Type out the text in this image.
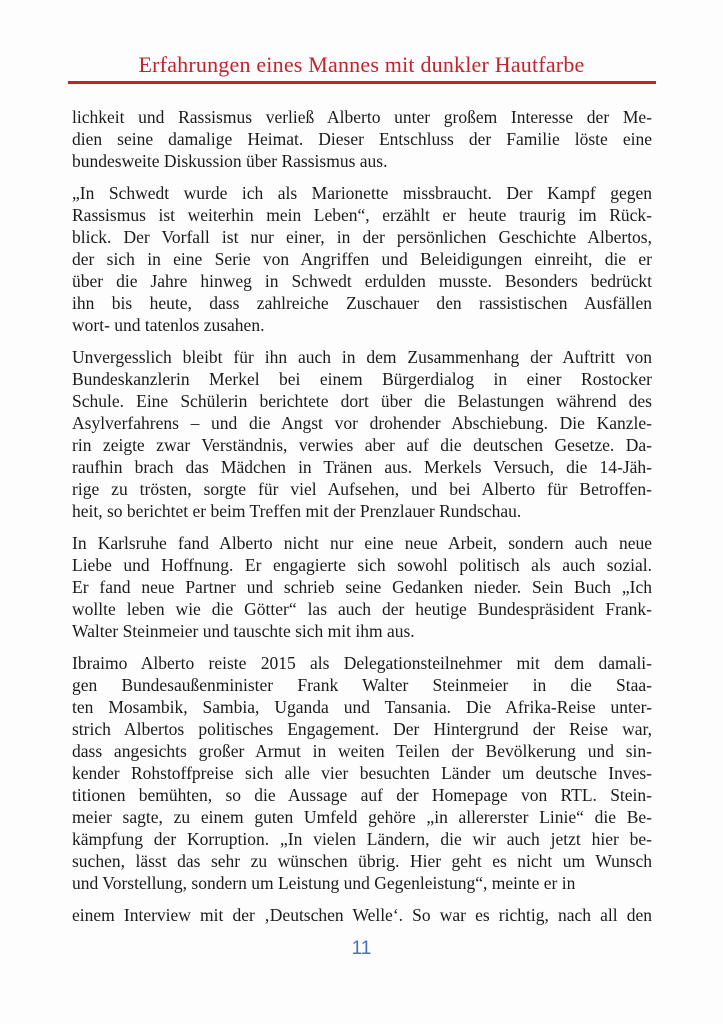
Erfahrungen eines Mannes mit dunkler Hautfarbe
lichkeit und Rassismus verließ Alberto unter großem Interesse der Me-
dien seine damalige Heimat. Dieser Entschluss der Familie löste eine
bundesweite Diskussion über Rassismus aus.
„In Schwedt wurde ich als Marionette missbraucht. Der Kampf gegen
Rassismus ist weiterhin mein Leben“, erzählt er heute traurig im Rück-
blick. Der Vorfall ist nur einer, in der persönlichen Geschichte Albertos,
der sich in eine Serie von Angriffen und Beleidigungen einreiht, die er
über die Jahre hinweg in Schwedt erdulden musste. Besonders bedrückt
ihn bis heute, dass zahlreiche Zuschauer den rassistischen Ausfällen
wort- und tatenlos zusahen.
Unvergesslich bleibt für ihn auch in dem Zusammenhang der Auftritt von
Bundeskanzlerin Merkel bei einem Bürgerdialog in einer Rostocker
Schule. Eine Schülerin berichtete dort über die Belastungen während des
Asylverfahrens – und die Angst vor drohender Abschiebung. Die Kanzle-
rin zeigte zwar Verständnis, verwies aber auf die deutschen Gesetze. Da-
raufhin brach das Mädchen in Tränen aus. Merkels Versuch, die 14-Jäh-
rige zu trösten, sorgte für viel Aufsehen, und bei Alberto für Betroffen-
heit, so berichtet er beim Treffen mit der Prenzlauer Rundschau.
In Karlsruhe fand Alberto nicht nur eine neue Arbeit, sondern auch neue
Liebe und Hoffnung. Er engagierte sich sowohl politisch als auch sozial.
Er fand neue Partner und schrieb seine Gedanken nieder. Sein Buch „Ich
wollte leben wie die Götter“ las auch der heutige Bundespräsident Frank-
Walter Steinmeier und tauschte sich mit ihm aus.
Ibraimo Alberto reiste 2015 als Delegationsteilnehmer mit dem damali-
gen Bundesaußenminister Frank Walter Steinmeier in die Staa-
ten Mosambik, Sambia, Uganda und Tansania. Die Afrika-Reise unter-
strich Albertos politisches Engagement. Der Hintergrund der Reise war,
dass angesichts großer Armut in weiten Teilen der Bevölkerung und sin-
kender Rohstoffpreise sich alle vier besuchten Länder um deutsche Inves-
titionen bemühten, so die Aussage auf der Homepage von RTL. Stein-
meier sagte, zu einem guten Umfeld gehöre „in allererster Linie“ die Be-
kämpfung der Korruption. „In vielen Ländern, die wir auch jetzt hier be-
suchen, lässt das sehr zu wünschen übrig. Hier geht es nicht um Wunsch
und Vorstellung, sondern um Leistung und Gegenleistung“, meinte er in
einem Interview mit der ‚Deutschen Welle‘. So war es richtig, nach all den
11
